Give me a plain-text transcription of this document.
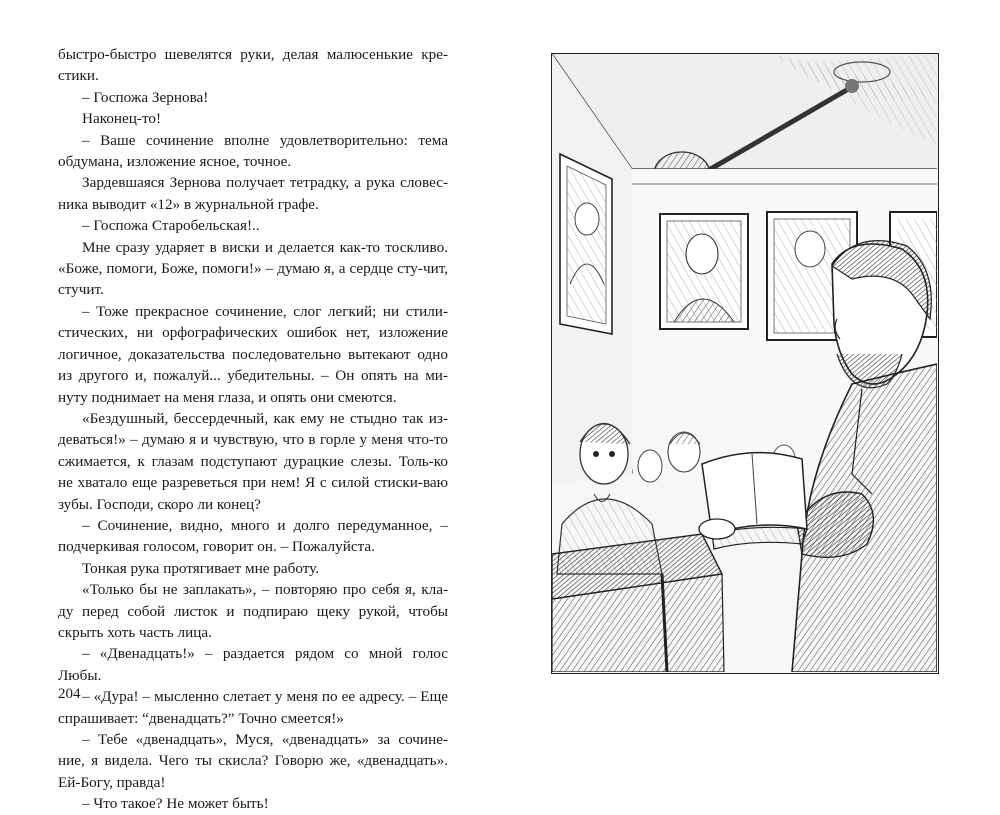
быстро-быстро шевелятся руки, делая малюсенькие кре-стики.

– Госпожа Зернова!

Наконец-то!

– Ваше сочинение вполне удовлетворительно: тема обдумана, изложение ясное, точное.

Зардевшаяся Зернова получает тетрадку, а рука словес-ника выводит «12» в журнальной графе.

– Госпожа Старобельская!..

Мне сразу ударяет в виски и делается как-то тоскливо. «Боже, помоги, Боже, помоги!» – думаю я, а сердце сту-чит, стучит.

– Тоже прекрасное сочинение, слог легкий; ни стили-стических, ни орфографических ошибок нет, изложение логичное, доказательства последовательно вытекают одно из другого и, пожалуй... убедительны. – Он опять на ми-нуту поднимает на меня глаза, и опять они смеются.

«Бездушный, бессердечный, как ему не стыдно так из-деваться!» – думаю я и чувствую, что в горле у меня что-то сжимается, к глазам подступают дурацкие слезы. Толь-ко не хватало еще разреветься при нем! Я с силой стиски-ваю зубы. Господи, скоро ли конец?

– Сочинение, видно, много и долго передуманное, – подчеркивая голосом, говорит он. – Пожалуйста.

Тонкая рука протягивает мне работу.

«Только бы не заплакать», – повторяю про себя я, кла-ду перед собой листок и подпираю щеку рукой, чтобы скрыть хоть часть лица.

– «Двенадцать!» – раздается рядом со мной голос Любы.

– «Дура! – мысленно слетает у меня по ее адресу. – Еще спрашивает: “двенадцать?” Точно смеется!»

– Тебе «двенадцать», Муся, «двенадцать» за сочине-ние, я видела. Чего ты скисла? Говорю же, «двенадцать». Ей-Богу, правда!

– Что такое? Не может быть!

204
